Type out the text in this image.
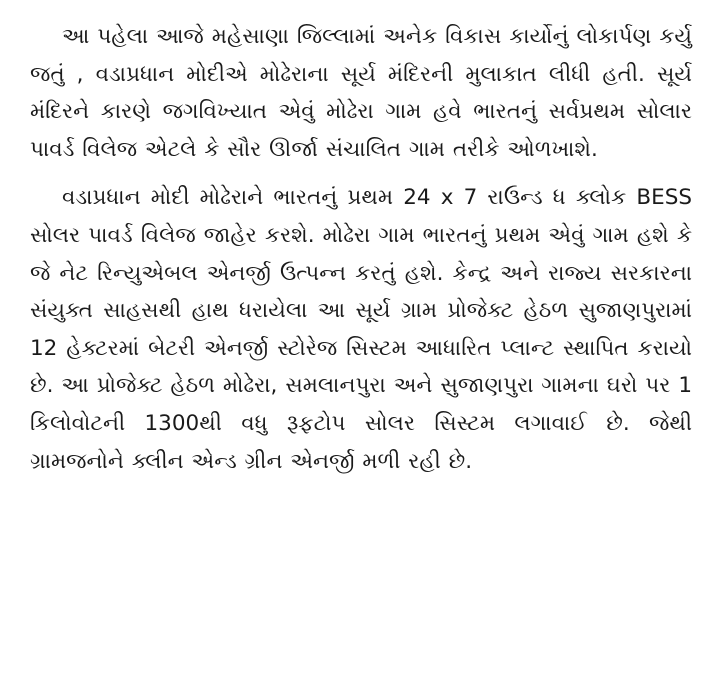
આ પહેલા આજે મહેસાણા જિલ્લામાં અનેક વિકાસ કાર્યોનું લોકાર્પણ કર્યુ જતું , વડાપ્રધાન મોદીએ મોઢેરાના સૂર્ય મંદિરની મુલાકાત લીધી હતી. સૂર્ય મંદિરને કારણે જગવિખ્યાત એવું મોઢેરા ગામ હવે ભારતનું સર્વપ્રથમ સોલાર પાવર્ડ વિલેજ એટલે કે સૌર ઊર્જા સંચાલિત ગામ તરીકે ઓળખાશે.

વડાપ્રધાન મોદી મોઢેરાને ભારતનું પ્રથમ 24 x 7 રાઉન્ડ ધ ક્લોક BESS સોલર પાવર્ડ વિલેજ જાહેર કરશે. મોઢેરા ગામ ભારતનું પ્રથમ એવું ગામ હશે કે જે નેટ રિન્યુએબલ એનર્જી ઉત્પન્ન કરતું હશે. કેન્દ્ર અને રાજ્ય સરકારના સંયુક્ત સાહસથી હાથ ધરાયેલા આ સૂર્ય ગ્રામ પ્રોજેક્ટ હેઠળ સુજાણપુરામાં 12 હેક્ટરમાં બેટરી એનર્જી સ્ટોરેજ સિસ્ટમ આધારિત પ્લાન્ટ સ્થાપિત કરાયો છે. આ પ્રોજેક્ટ હેઠળ મોઢેરા, સમલાનપુરા અને સુજાણપુરા ગામના ઘરો પર 1 કિલોવોટની 1300થી વધુ રૂફટોપ સોલર સિસ્ટમ લગાવાઈ છે. જેથી ગ્રામજનોને ક્લીન એન્ડ ગ્રીન એનર્જી મળી રહી છે.
